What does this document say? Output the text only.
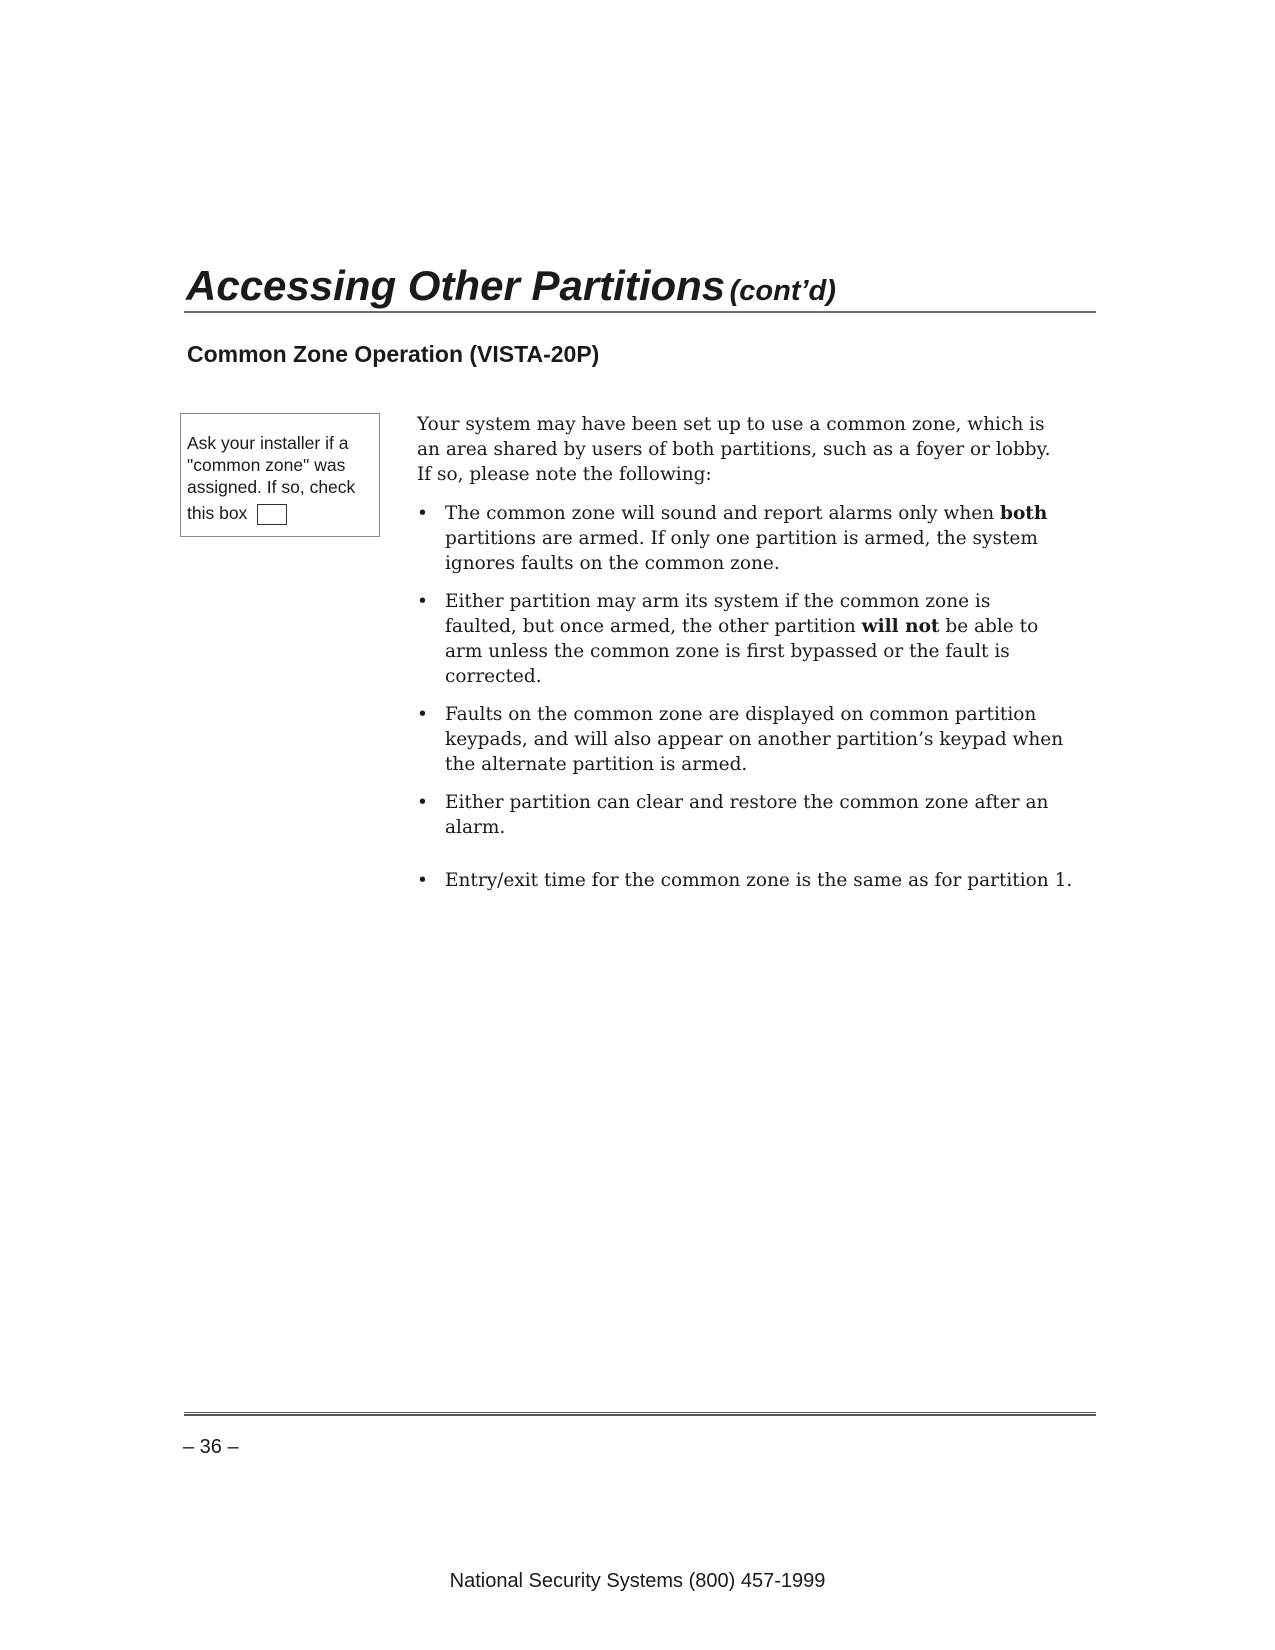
Accessing Other Partitions (cont’d)
Common Zone Operation (VISTA-20P)
Ask your installer if a
"common zone" was
assigned. If so, check
this box

Your system may have been set up to use a common zone, which is
an area shared by users of both partitions, such as a foyer or lobby.
If so, please note the following:

• The common zone will sound and report alarms only when both
partitions are armed. If only one partition is armed, the system
ignores faults on the common zone.
• Either partition may arm its system if the common zone is
faulted, but once armed, the other partition will not be able to
arm unless the common zone is first bypassed or the fault is
corrected.
• Faults on the common zone are displayed on common partition
keypads, and will also appear on another partition’s keypad when
the alternate partition is armed.
• Either partition can clear and restore the common zone after an
alarm.
• Entry/exit time for the common zone is the same as for partition 1.
– 36 –
National Security Systems (800) 457-1999
